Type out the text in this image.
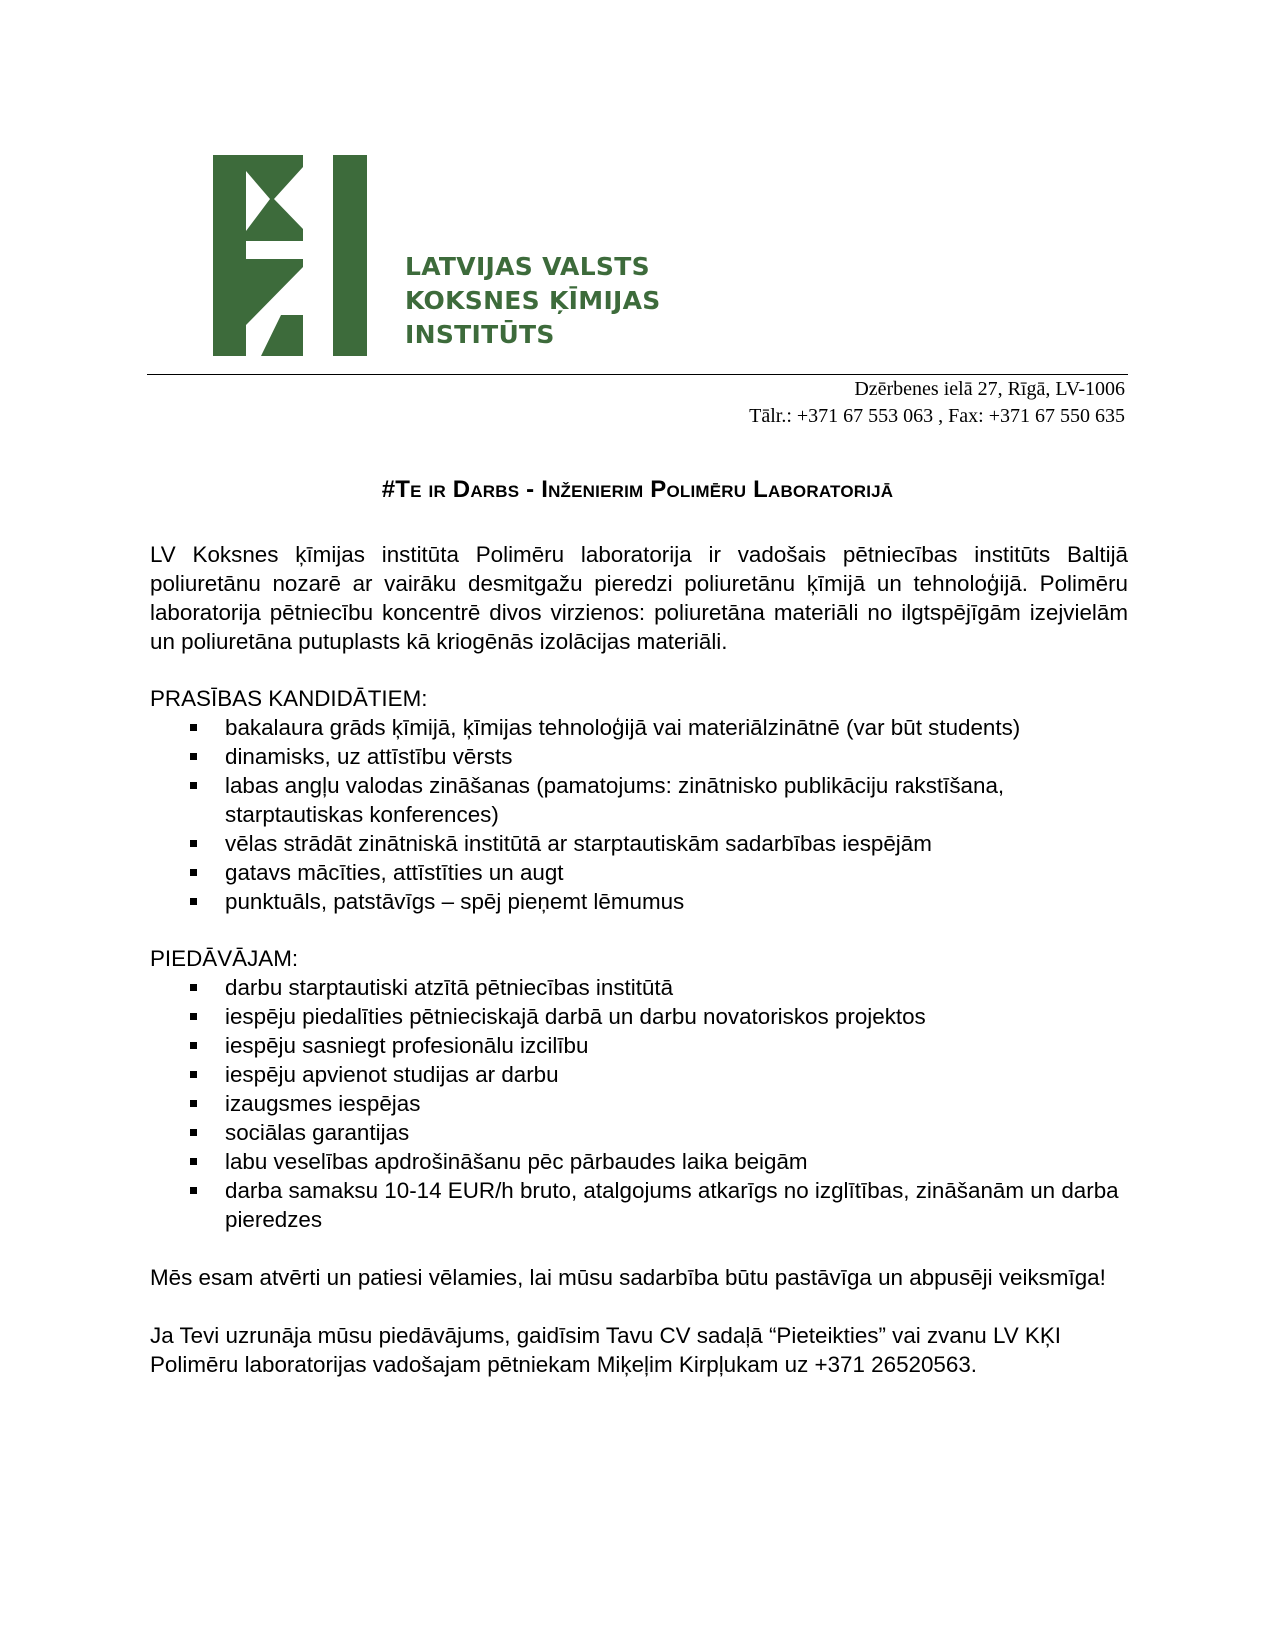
LATVIJAS VALSTS
KOKSNES ĶĪMIJAS
INSTITŪTS
Dzērbenes ielā 27, Rīgā, LV-1006
Tālr.: +371 67 553 063 , Fax: +371 67 550 635
#Te ir Darbs - Inženierim Polimēru Laboratorijā

LV Koksnes ķīmijas institūta Polimēru laboratorija ir vadošais pētniecības institūts Baltijā poliuretānu nozarē ar vairāku desmitgažu pieredzi poliuretānu ķīmijā un tehnoloģijā. Polimēru laboratorija pētniecību koncentrē divos virzienos: poliuretāna materiāli no ilgtspējīgām izejvielām un poliuretāna putuplasts kā kriogēnās izolācijas materiāli.

PRASĪBAS KANDIDĀTIEM:

bakalaura grāds ķīmijā, ķīmijas tehnoloģijā vai materiālzinātnē (var būt students)
dinamisks, uz attīstību vērsts
labas angļu valodas zināšanas (pamatojums: zinātnisko publikāciju rakstīšana, starptautiskas konferences)
vēlas strādāt zinātniskā institūtā ar starptautiskām sadarbības iespējām
gatavs mācīties, attīstīties un augt
punktuāls, patstāvīgs – spēj pieņemt lēmumus

PIEDĀVĀJAM:

darbu starptautiski atzītā pētniecības institūtā
iespēju piedalīties pētnieciskajā darbā un darbu novatoriskos projektos
iespēju sasniegt profesionālu izcilību
iespēju apvienot studijas ar darbu
izaugsmes iespējas
sociālas garantijas
labu veselības apdrošināšanu pēc pārbaudes laika beigām
darba samaksu 10-14 EUR/h bruto, atalgojums atkarīgs no izglītības, zināšanām un darba pieredzes

Mēs esam atvērti un patiesi vēlamies, lai mūsu sadarbība būtu pastāvīga un abpusēji veiksmīga!

Ja Tevi uzrunāja mūsu piedāvājums, gaidīsim Tavu CV sadaļā “Pieteikties” vai zvanu LV KĶI Polimēru laboratorijas vadošajam pētniekam Miķeļim Kirpļukam uz +371 26520563.
